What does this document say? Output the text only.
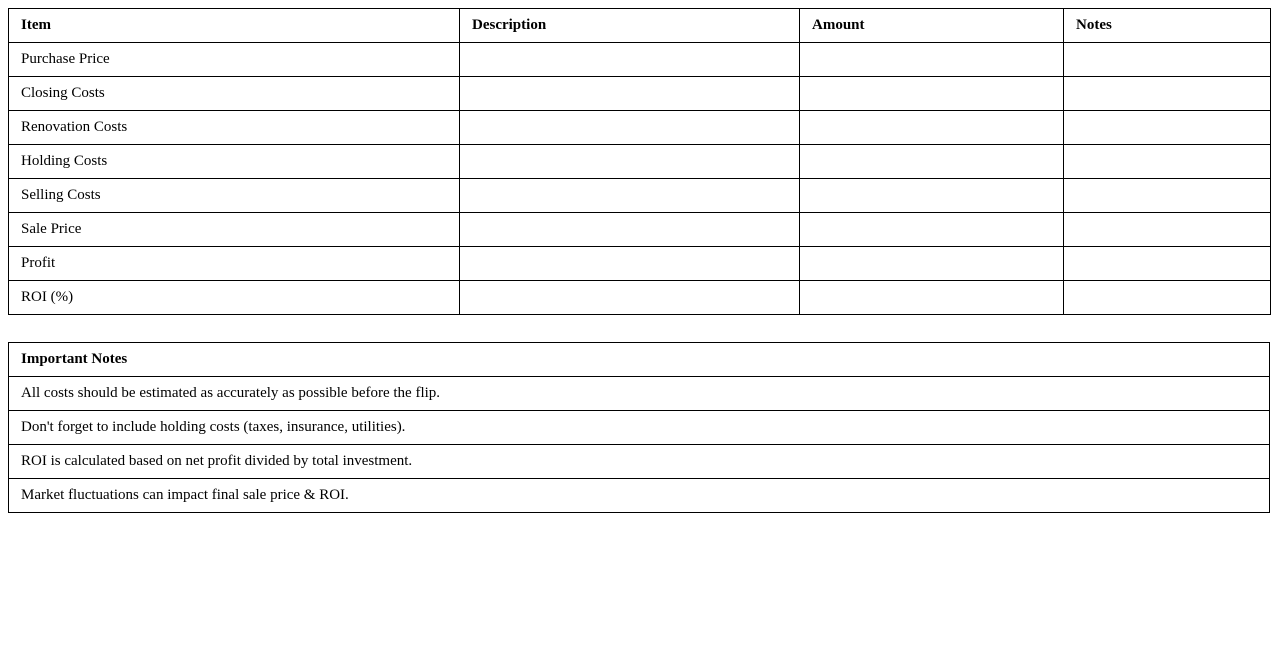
Item	Description	Amount	Notes
Purchase Price			
Closing Costs			
Renovation Costs			
Holding Costs			
Selling Costs			
Sale Price			
Profit			
ROI (%)			
Important Notes
All costs should be estimated as accurately as possible before the flip.
Don't forget to include holding costs (taxes, insurance, utilities).
ROI is calculated based on net profit divided by total investment.
Market fluctuations can impact final sale price & ROI.
